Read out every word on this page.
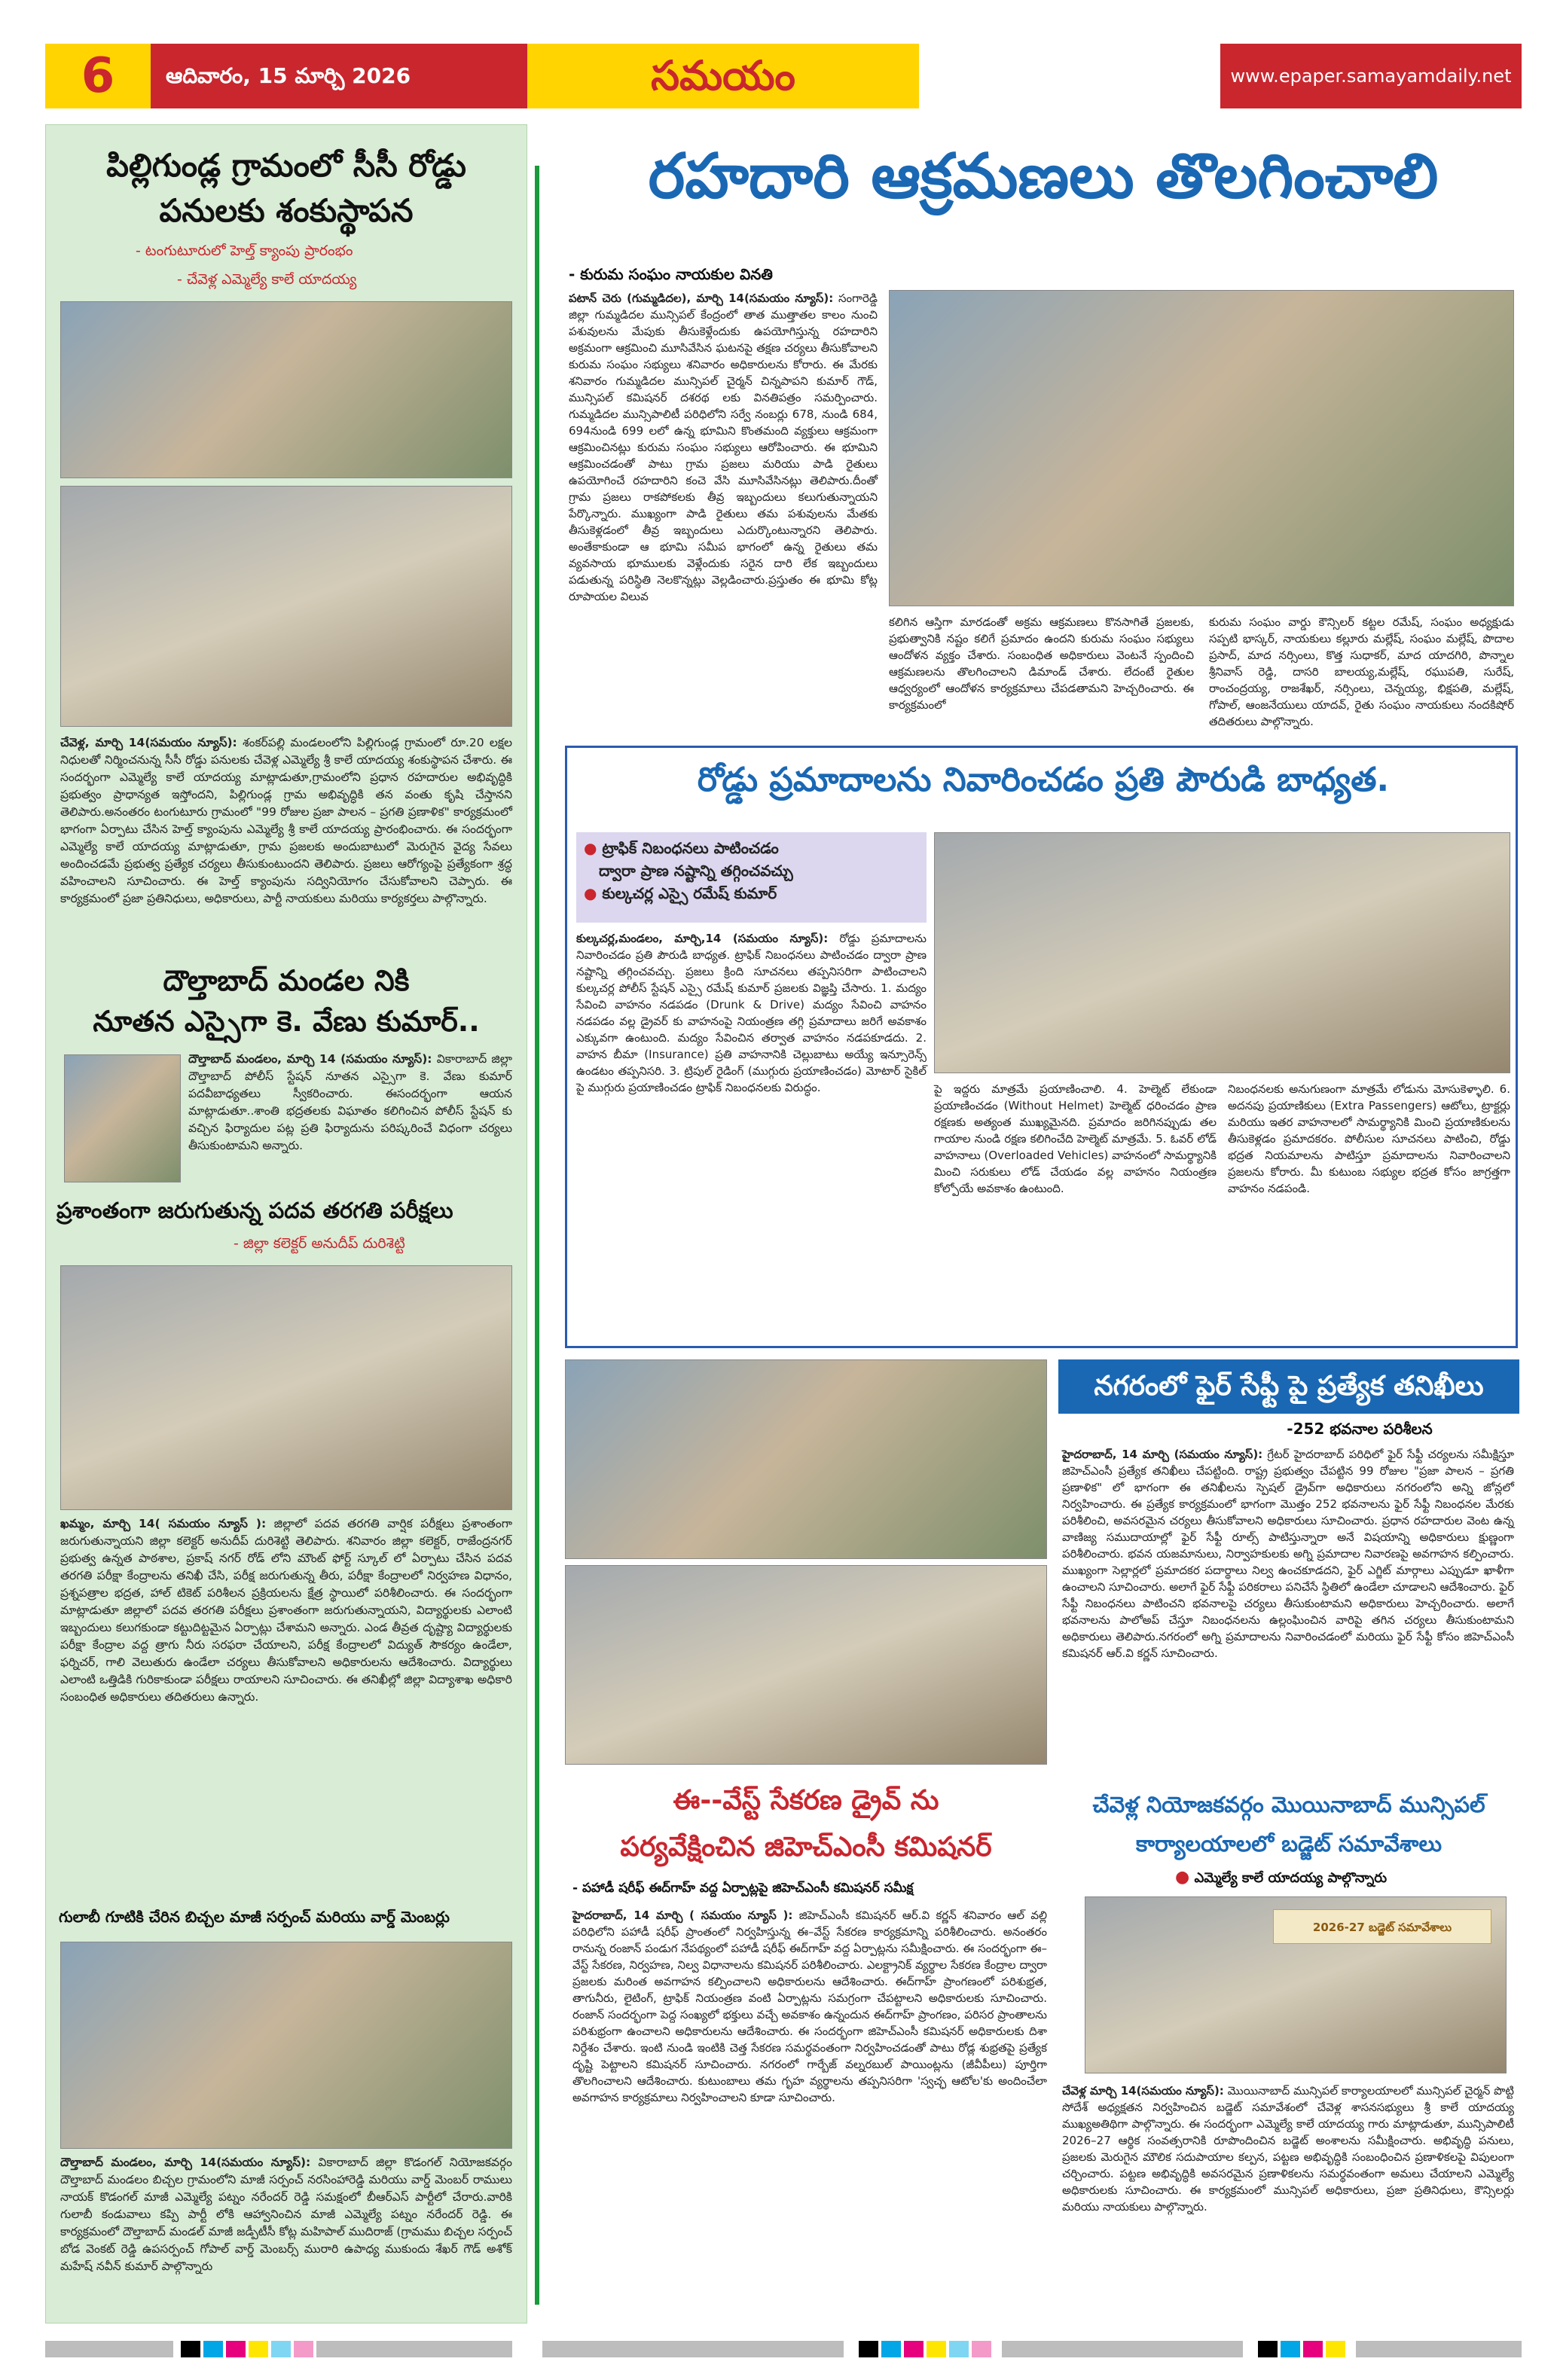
6	ఆదివారం, 15 మార్చి 2026	సమయం	www.epaper.samayamdaily.net
పిల్లిగుండ్ల గ్రామంలో సీసీ రోడ్డు
పనులకు శంకుస్థాపన
- టంగుటూరులో హెల్త్ క్యాంపు ప్రారంభం
- చేవెళ్ల ఎమ్మెల్యే కాలే యాదయ్య
చేవెళ్ల, మార్చి 14(సమయం న్యూస్): శంకర్‌పల్లి మండలంలోని పిల్లిగుండ్ల గ్రామంలో రూ.20 లక్షల నిధులతో నిర్మించనున్న సీసీ రోడ్డు పనులకు చేవెళ్ల ఎమ్మెల్యే శ్రీ కాలే యాదయ్య శంకుస్థాపన చేశారు. ఈ సందర్భంగా ఎమ్మెల్యే కాలే యాదయ్య మాట్లాడుతూ,గ్రామంలోని ప్రధాన రహదారుల అభివృద్ధికి ప్రభుత్వం ప్రాధాన్యత ఇస్తోందని, పిల్లిగుండ్ల గ్రామ అభివృద్ధికి తన వంతు కృషి చేస్తానని తెలిపారు.అనంతరం టంగుటూరు గ్రామంలో "99 రోజుల ప్రజా పాలన – ప్రగతి ప్రణాళిక" కార్యక్రమంలో భాగంగా ఏర్పాటు చేసిన హెల్త్ క్యాంపును ఎమ్మెల్యే శ్రీ కాలే యాదయ్య ప్రారంభించారు. ఈ సందర్భంగా ఎమ్మెల్యే కాలే యాదయ్య మాట్లాడుతూ, గ్రామ ప్రజలకు అందుబాటులో మెరుగైన వైద్య సేవలు అందించడమే ప్రభుత్వ ప్రత్యేక చర్యలు తీసుకుంటుందని తెలిపారు. ప్రజలు ఆరోగ్యంపై ప్రత్యేకంగా శ్రద్ధ వహించాలని సూచించారు. ఈ హెల్త్ క్యాంపును సద్వినియోగం చేసుకోవాలని చెప్పారు. ఈ కార్యక్రమంలో ప్రజా ప్రతినిధులు, అధికారులు, పార్టీ నాయకులు మరియు కార్యకర్తలు పాల్గొన్నారు.
దౌల్తాబాద్ మండల నికి
నూతన ఎస్సైగా కె. వేణు కుమార్..
దౌల్తాబాద్ మండలం, మార్చి 14 (సమయం న్యూస్): వికారాబాద్ జిల్లా దౌల్తాబాద్ పోలీస్ స్టేషన్ నూతన ఎస్సైగా కె. వేణు కుమార్ పదవీబాధ్యతలు స్వీకరించారు. ఈసందర్భంగా ఆయన మాట్లాడుతూ..శాంతి భద్రతలకు విఘాతం కలిగించిన పోలీస్ స్టేషన్ కు వచ్చిన ఫిర్యాదుల పట్ల ప్రతి ఫిర్యాదును పరిష్కరించే విధంగా చర్యలు తీసుకుంటామని అన్నారు.
ప్రశాంతంగా జరుగుతున్న పదవ తరగతి పరీక్షలు
- జిల్లా కలెక్టర్ అనుదీప్ దురిశెట్టి
ఖమ్మం, మార్చి 14( సమయం న్యూస్ ): జిల్లాలో పదవ తరగతి వార్షిక పరీక్షలు ప్రశాంతంగా జరుగుతున్నాయని జిల్లా కలెక్టర్ అనుదీప్ దురిశెట్టి తెలిపారు. శనివారం జిల్లా కలెక్టర్, రాజేంద్రనగర్ ప్రభుత్వ ఉన్నత పాఠశాల, ప్రకాష్ నగర్ రోడ్ లోని మౌంట్ ఫోర్ట్ స్కూల్ లో ఏర్పాటు చేసిన పదవ తరగతి పరీక్షా కేంద్రాలను తనిఖీ చేసి, పరీక్ష జరుగుతున్న తీరు, పరీక్షా కేంద్రాలలో నిర్వహణ విధానం, ప్రశ్నపత్రాల భద్రత, హాల్ టికెట్ పరిశీలన ప్రక్రియలను క్షేత్ర స్థాయిలో పరిశీలించారు. ఈ సందర్భంగా మాట్లాడుతూ జిల్లాలో పదవ తరగతి పరీక్షలు ప్రశాంతంగా జరుగుతున్నాయని, విద్యార్థులకు ఎలాంటి ఇబ్బందులు కలుగకుండా కట్టుదిట్టమైన ఏర్పాట్లు చేశామని అన్నారు. ఎండ తీవ్రత దృష్ట్యా విద్యార్థులకు పరీక్షా కేంద్రాల వద్ద త్రాగు నీరు సరఫరా చేయాలని, పరీక్ష కేంద్రాలలో విద్యుత్ సౌకర్యం ఉండేలా, ఫర్నిచర్, గాలి వెలుతురు ఉండేలా చర్యలు తీసుకోవాలని అధికారులను ఆదేశించారు. విద్యార్థులు ఎలాంటి ఒత్తిడికి గురికాకుండా పరీక్షలు రాయాలని సూచించారు. ఈ తనిఖీల్లో జిల్లా విద్యాశాఖ అధికారి సంబంధిత అధికారులు తదితరులు ఉన్నారు.
గులాబీ గూటికి చేరిన బిచ్చల మాజీ సర్పంచ్ మరియు వార్డ్ మెంబర్లు
దౌల్తాబాద్ మండలం, మార్చి 14(సమయం న్యూస్): వికారాబాద్ జిల్లా కొడంగల్ నియోజకవర్గం దౌల్తాబాద్ మండలం బిచ్చల గ్రామంలోని మాజీ సర్పంచ్ నరసింహారెడ్డి మరియు వార్డ్ మెంబర్ రాములు నాయక్ కొడంగల్ మాజీ ఎమ్మెల్యే పట్నం నరేందర్ రెడ్డి సమక్షంలో బీఆర్ఎస్ పార్టీలో చేరారు.వారికి గులాబీ కండువాలు కప్పి పార్టీ లోకి ఆహ్వానించిన మాజీ ఎమ్మెల్యే పట్నం నరేందర్ రెడ్డి. ఈ కార్యక్రమంలో దౌల్తాబాద్ మండల్ మాజీ జడ్పీటీసీ కోట్ల మహిపాల్ ముదిరాజ్ (గ్రామము బిచ్చల సర్పంచ్ బోడ వెంకట్ రెడ్డి ఉపసర్పంచ్ గోపాల్ వార్డ్ మెంబర్స్ మురారి ఉపాధ్య ముకుందు శేఖర్ గౌడ్ అశోక్ మహేష్ నవీన్ కుమార్ పాల్గొన్నారు
రహదారి ఆక్రమణలు తొలగించాలి
- కురుమ సంఘం నాయకుల వినతి
పటాన్ చెరు (గుమ్మడిదల), మార్చి 14(సమయం న్యూస్): సంగారెడ్డి జిల్లా గుమ్మడిదల మున్సిపల్ కేంద్రంలో తాత ముత్తాతల కాలం నుంచి పశువులను మేపుకు తీసుకెళ్లేందుకు ఉపయోగిస్తున్న రహదారిని అక్రమంగా ఆక్రమించి మూసివేసిన ఘటనపై తక్షణ చర్యలు తీసుకోవాలని కురుమ సంఘం సభ్యులు శనివారం అధికారులను కోరారు. ఈ మేరకు శనివారం గుమ్మడిదల మున్సిపల్ చైర్మన్ చిన్నపాపని కుమార్ గౌడ్, మున్సిపల్ కమిషనర్ దశరథ లకు వినతిపత్రం సమర్పించారు. గుమ్మడిదల మున్సిపాలిటీ పరిధిలోని సర్వే నంబర్లు 678, నుండి 684, 694నుండి 699 లలో ఉన్న భూమిని కొంతమంది వ్యక్తులు ఆక్రమంగా ఆక్రమించినట్లు కురుమ సంఘం సభ్యులు ఆరోపించారు. ఈ భూమిని ఆక్రమించడంతో పాటు గ్రామ ప్రజలు మరియు పాడి రైతులు ఉపయోగించే రహదారిని కంచె వేసి మూసివేసినట్లు తెలిపారు.దీంతో గ్రామ ప్రజలు రాకపోకలకు తీవ్ర ఇబ్బందులు కలుగుతున్నాయని పేర్కొన్నారు. ముఖ్యంగా పాడి రైతులు తమ పశువులను మేతకు తీసుకెళ్లడంలో తీవ్ర ఇబ్బందులు ఎదుర్కొంటున్నారని తెలిపారు. అంతేకాకుండా ఆ భూమి సమీప భాగంలో ఉన్న రైతులు తమ వ్యవసాయ భూములకు వెళ్లేందుకు సరైన దారి లేక ఇబ్బందులు పడుతున్న పరిస్థితి నెలకొన్నట్లు వెల్లడించారు.ప్రస్తుతం ఈ భూమి కోట్ల రూపాయల విలువ
కలిగిన ఆస్తిగా మారడంతో అక్రమ ఆక్రమణలు కొనసాగితే ప్రజలకు, ప్రభుత్వానికి నష్టం కలిగే ప్రమాదం ఉందని కురుమ సంఘం సభ్యులు ఆందోళన వ్యక్తం చేశారు. సంబంధిత అధికారులు వెంటనే స్పందించి ఆక్రమణలను తొలగించాలని డిమాండ్ చేశారు. లేదంటే రైతుల ఆధ్వర్యంలో ఆందోళన కార్యక్రమాలు చేపడతామని హెచ్చరించారు. ఈ కార్యక్రమంలో
కురుమ సంఘం వార్డు కౌన్సిలర్ కట్టల రమేష్, సంఘం అధ్యక్షుడు సప్పటి భాస్కర్, నాయకులు కల్లూరు మల్లేష్, సంఘం మల్లేష్, పొదాల ప్రసాద్, మాద నర్సింలు, కొత్త సుధాకర్, మాద యాదగిరి, పొన్నాల శ్రీనివాస్ రెడ్డి, దాసరి బాలయ్య,మల్లేష్, రఘుపతి, సురేష్, రాంచంద్రయ్య, రాజశేఖర్, నర్సింలు, చెన్నయ్య, భిక్షపతి, మల్లేష్, గోపాల్, ఆంజనేయులు యాదవ్, రైతు సంఘం నాయకులు నందకిషోర్ తదితరులు పాల్గొన్నారు.
రోడ్డు ప్రమాదాలను నివారించడం ప్రతి పౌరుడి బాధ్యత.
● ట్రాఫిక్ నిబంధనలు పాటించడం
ద్వారా ప్రాణ నష్టాన్ని తగ్గించవచ్చు
● కుల్కచర్ల ఎస్సై రమేష్ కుమార్
కుల్కచర్ల,మండలం, మార్చి,14 (సమయం న్యూస్): రోడ్డు ప్రమాదాలను నివారించడం ప్రతి పౌరుడి బాధ్యత. ట్రాఫిక్ నిబంధనలు పాటించడం ద్వారా ప్రాణ నష్టాన్ని తగ్గించవచ్చు. ప్రజలు క్రింది సూచనలు తప్పనిసరిగా పాటించాలని కుల్కచర్ల పోలీస్ స్టేషన్ ఎస్సై రమేష్ కుమార్ ప్రజలకు విజ్ఞప్తి చేసారు. 1. మద్యం సేవించి వాహనం నడపడం (Drunk & Drive) మద్యం సేవించి వాహనం నడపడం వల్ల డ్రైవర్ కు వాహనంపై నియంత్రణ తగ్గి ప్రమాదాలు జరిగే అవకాశం ఎక్కువగా ఉంటుంది. మద్యం సేవించిన తర్వాత వాహనం నడపకూడదు. 2. వాహన బీమా (Insurance) ప్రతి వాహనానికి చెల్లుబాటు అయ్యే ఇన్సూరెన్స్ ఉండటం తప్పనిసరి. 3. ట్రిపుల్ రైడింగ్ (ముగ్గురు ప్రయాణించడం) మోటార్ సైకిల్ పై ముగ్గురు ప్రయాణించడం ట్రాఫిక్ నిబంధనలకు విరుద్ధం.	పై ఇద్దరు మాత్రమే ప్రయాణించాలి. 4. హెల్మెట్ లేకుండా ప్రయాణించడం (Without Helmet) హెల్మెట్ ధరించడం ప్రాణ రక్షణకు అత్యంత ముఖ్యమైనది. ప్రమాదం జరిగినప్పుడు తల గాయాల నుండి రక్షణ కలిగించేది హెల్మెట్ మాత్రమే. 5. ఓవర్ లోడ్ వాహనాలు (Overloaded Vehicles) వాహనంలో సామర్థ్యానికి మించి సరుకులు లోడ్ చేయడం వల్ల వాహనం నియంత్రణ కోల్పోయే అవకాశం ఉంటుంది.
నిబంధనలకు అనుగుణంగా మాత్రమే లోడును మోసుకెళ్ళాలి. 6. అదనపు ప్రయాణికులు (Extra Passengers) ఆటోలు, ట్రాక్టర్లు మరియు ఇతర వాహనాలలో సామర్థ్యానికి మించి ప్రయాణికులను తీసుకెళ్లడం ప్రమాదకరం. పోలీసుల సూచనలు పాటించి, రోడ్డు భద్రత నియమాలను పాటిస్తూ ప్రమాదాలను నివారించాలని ప్రజలను కోరారు. మీ కుటుంబ సభ్యుల భద్రత కోసం జాగ్రత్తగా వాహనం నడపండి.
ఈ--వేస్ట్ సేకరణ డ్రైవ్ ను
పర్యవేక్షించిన జిహెచ్ఎంసీ కమిషనర్
- పహాడీ షరీఫ్ ఈద్‌గాహ్ వద్ద ఏర్పాట్లపై జిహెచ్ఎంసీ కమిషనర్ సమీక్ష
హైదరాబాద్, 14 మార్చి ( సమయం న్యూస్ ): జిహెచ్ఎంసీ కమిషనర్ ఆర్.వి కర్ణన్ శనివారం ఆల్ వల్లి పరిధిలోని పహాడీ షరీఫ్ ప్రాంతంలో నిర్వహిస్తున్న ఈ–వేస్ట్ సేకరణ కార్యక్రమాన్ని పరిశీలించారు. అనంతరం రానున్న రంజాన్ పండుగ నేపథ్యంలో పహాడీ షరీఫ్ ఈద్‌గాహ్ వద్ద ఏర్పాట్లను సమీక్షించారు. ఈ సందర్భంగా ఈ–వేస్ట్ సేకరణ, నిర్వహణ, నిల్వ విధానాలను కమిషనర్ పరిశీలించారు. ఎలక్ట్రానిక్ వ్యర్థాల సేకరణ కేంద్రాల ద్వారా ప్రజలకు మరింత అవగాహన కల్పించాలని అధికారులను ఆదేశించారు. ఈద్‌గాహ్ ప్రాంగణంలో పరిశుభ్రత, తాగునీరు, లైటింగ్, ట్రాఫిక్ నియంత్రణ వంటి ఏర్పాట్లను సమగ్రంగా చేపట్టాలని అధికారులకు సూచించారు. రంజాన్ సందర్భంగా పెద్ద సంఖ్యలో భక్తులు వచ్చే అవకాశం ఉన్నందున ఈద్‌గాహ్ ప్రాంగణం, పరిసర ప్రాంతాలను పరిశుభ్రంగా ఉంచాలని అధికారులను ఆదేశించారు. ఈ సందర్భంగా జిహెచ్ఎంసీ కమిషనర్ అధికారులకు దిశా నిర్దేశం చేశారు. ఇంటి నుండి ఇంటికి చెత్త సేకరణ సమర్థవంతంగా నిర్వహించడంతో పాటు రోడ్ల శుభ్రతపై ప్రత్యేక దృష్టి పెట్టాలని కమిషనర్ సూచించారు. నగరంలో గార్బేజ్ వల్నరబుల్ పాయింట్లను (జీవీపీలు) పూర్తిగా తొలగించాలని ఆదేశించారు. కుటుంబాలు తమ గృహ వ్యర్థాలను తప్పనిసరిగా 'స్వచ్ఛ ఆటోల'కు అందించేలా అవగాహన కార్యక్రమాలు నిర్వహించాలని కూడా సూచించారు.
నగరంలో ఫైర్ సేఫ్టీ పై ప్రత్యేక తనిఖీలు
-252 భవనాల పరిశీలన
హైదరాబాద్, 14 మార్చి (సమయం న్యూస్): గ్రేటర్ హైదరాబాద్ పరిధిలో ఫైర్ సేఫ్టీ చర్యలను సమీక్షిస్తూ జిహెచ్ఎంసీ ప్రత్యేక తనిఖీలు చేపట్టింది. రాష్ట్ర ప్రభుత్వం చేపట్టిన 99 రోజుల "ప్రజా పాలన – ప్రగతి ప్రణాళిక" లో భాగంగా ఈ తనిఖీలను స్పెషల్ డ్రైవ్‌గా అధికారులు నగరంలోని అన్ని జోన్లలో నిర్వహించారు. ఈ ప్రత్యేక కార్యక్రమంలో భాగంగా మొత్తం 252 భవనాలను ఫైర్ సేఫ్టీ నిబంధనల మేరకు పరిశీలించి, అవసరమైన చర్యలు తీసుకోవాలని అధికారులు సూచించారు. ప్రధాన రహదారుల వెంట ఉన్న వాణిజ్య సముదాయాల్లో ఫైర్ సేఫ్టీ రూల్స్ పాటిస్తున్నారా అనే విషయాన్ని అధికారులు క్షుణ్ణంగా పరిశీలించారు. భవన యజమానులు, నిర్వాహకులకు అగ్ని ప్రమాదాల నివారణపై అవగాహన కల్పించారు. ముఖ్యంగా సెల్లార్లలో ప్రమాదకర పదార్థాలు నిల్వ ఉంచకూడదని, ఫైర్ ఎగ్జిట్ మార్గాలు ఎప్పుడూ ఖాళీగా ఉంచాలని సూచించారు. అలాగే ఫైర్ సేఫ్టీ పరికరాలు పనిచేసే స్థితిలో ఉండేలా చూడాలని ఆదేశించారు. ఫైర్ సేఫ్టీ నిబంధనలు పాటించని భవనాలపై చర్యలు తీసుకుంటామని అధికారులు హెచ్చరించారు. అలాగే భవనాలను పాలోఅప్ చేస్తూ నిబంధనలను ఉల్లంఘించిన వారిపై తగిన చర్యలు తీసుకుంటామని అధికారులు తెలిపారు.నగరంలో అగ్ని ప్రమాదాలను నివారించడంలో మరియు ఫైర్ సేఫ్టీ కోసం జిహెచ్ఎంసీ కమిషనర్ ఆర్.వి కర్ణన్ సూచించారు.
చేవెళ్ల నియోజకవర్గం మొయినాబాద్ మున్సిపల్
కార్యాలయాలలో బడ్జెట్ సమావేశాలు
● ఎమ్మెల్యే కాలే యాదయ్య పాల్గొన్నారు
2026-27 బడ్జెట్ సమావేశాలు
చేవెళ్ల మార్చి 14(సమయం న్యూస్): మొయినాబాద్ మున్సిపల్ కార్యాలయాలలో మున్సిపల్ చైర్మన్ పొట్టి సోదేశ్ అధ్యక్షతన నిర్వహించిన బడ్జెట్ సమావేశంలో చేవెళ్ల శాసనసభ్యులు శ్రీ కాలే యాదయ్య ముఖ్యఅతిథిగా పాల్గొన్నారు. ఈ సందర్భంగా ఎమ్మెల్యే కాలే యాదయ్య గారు మాట్లాడుతూ, మున్సిపాలిటీ 2026–27 ఆర్థిక సంవత్సరానికి రూపొందించిన బడ్జెట్ అంశాలను సమీక్షించారు. అభివృద్ధి పనులు, ప్రజలకు మెరుగైన మౌలిక సదుపాయాల కల్పన, పట్టణ అభివృద్ధికి సంబంధించిన ప్రణాళికలపై విపులంగా చర్చించారు. పట్టణ అభివృద్ధికి అవసరమైన ప్రణాళికలను సమర్థవంతంగా అమలు చేయాలని ఎమ్మెల్యే అధికారులకు సూచించారు. ఈ కార్యక్రమంలో మున్సిపల్ అధికారులు, ప్రజా ప్రతినిధులు, కౌన్సిలర్లు మరియు నాయకులు పాల్గొన్నారు.
